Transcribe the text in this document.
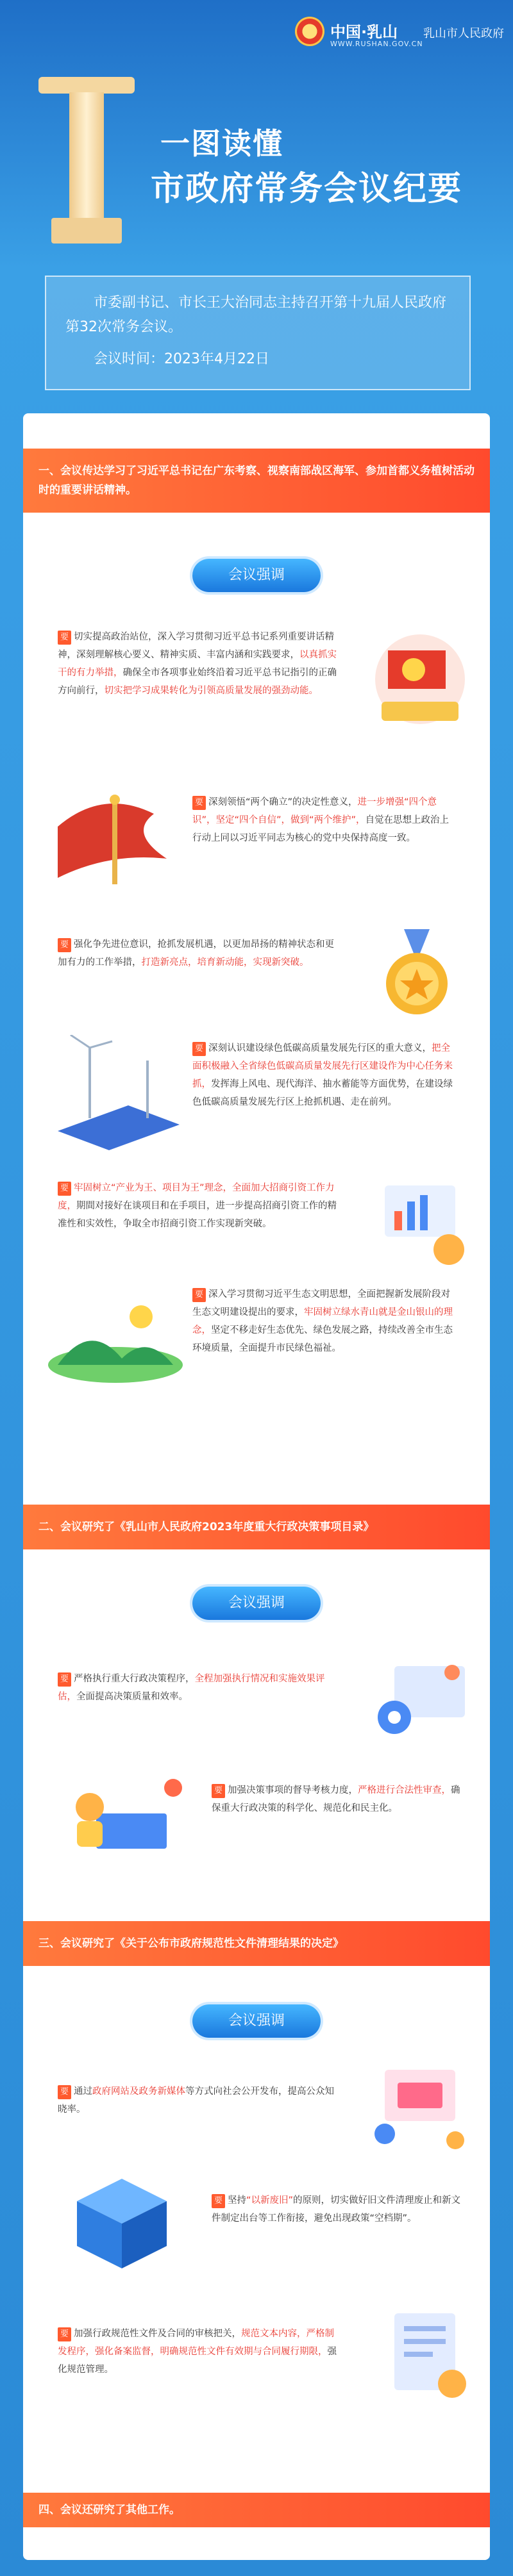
中国·乳山
WWW.RUSHAN.GOV.CN
乳山市人民政府
一图读懂
市政府常务会议纪要

市委副书记、市长王大治同志主持召开第十九届人民政府第32次常务会议。

会议时间：2023年4月22日

一、会议传达学习了习近平总书记在广东考察、视察南部战区海军、参加首都义务植树活动时的重要讲话精神。
会议强调
要 切实提高政治站位，深入学习贯彻习近平总书记系列重要讲话精神，深刻理解核心要义、精神实质、丰富内涵和实践要求，以真抓实干的有力举措，确保全市各项事业始终沿着习近平总书记指引的正确方向前行，切实把学习成果转化为引领高质量发展的强劲动能。
要 深刻领悟“两个确立”的决定性意义，进一步增强“四个意识”，坚定“四个自信”，做到“两个维护”，自觉在思想上政治上行动上同以习近平同志为核心的党中央保持高度一致。
要 强化争先进位意识，抢抓发展机遇，以更加昂扬的精神状态和更加有力的工作举措，打造新亮点，培育新动能，实现新突破。
要 深刻认识建设绿色低碳高质量发展先行区的重大意义，把全面积极融入全省绿色低碳高质量发展先行区建设作为中心任务来抓，发挥海上风电、现代海洋、抽水蓄能等方面优势，在建设绿色低碳高质量发展先行区上抢抓机遇、走在前列。
要 牢固树立“产业为王、项目为王”理念，全面加大招商引资工作力度，期間对接好在谈项目和在手项目，进一步提高招商引资工作的精准性和实效性，争取全市招商引资工作实现新突破。
要 深入学习贯彻习近平生态文明思想，全面把握新发展阶段对生态文明建设提出的要求，牢固树立绿水青山就是金山银山的理念，坚定不移走好生态优先、绿色发展之路，持续改善全市生态环境质量，全面提升市民绿色福祉。
二、会议研究了《乳山市人民政府2023年度重大行政决策事项目录》
会议强调
要 严格执行重大行政决策程序，全程加强执行情况和实施效果评估，全面提高决策质量和效率。
要 加强决策事项的督导考核力度，严格进行合法性审查，确保重大行政决策的科学化、规范化和民主化。
三、会议研究了《关于公布市政府规范性文件清理结果的决定》
会议强调
要 通过政府网站及政务新媒体等方式向社会公开发布，提高公众知晓率。
要 坚持“以新废旧”的原则，切实做好旧文件清理废止和新文件制定出台等工作衔接，避免出现政策“空档期”。
要 加强行政规范性文件及合同的审核把关，规范文本内容，严格制发程序，强化备案监督，明确规范性文件有效期与合同履行期限，强化规范管理。
四、会议还研究了其他工作。
